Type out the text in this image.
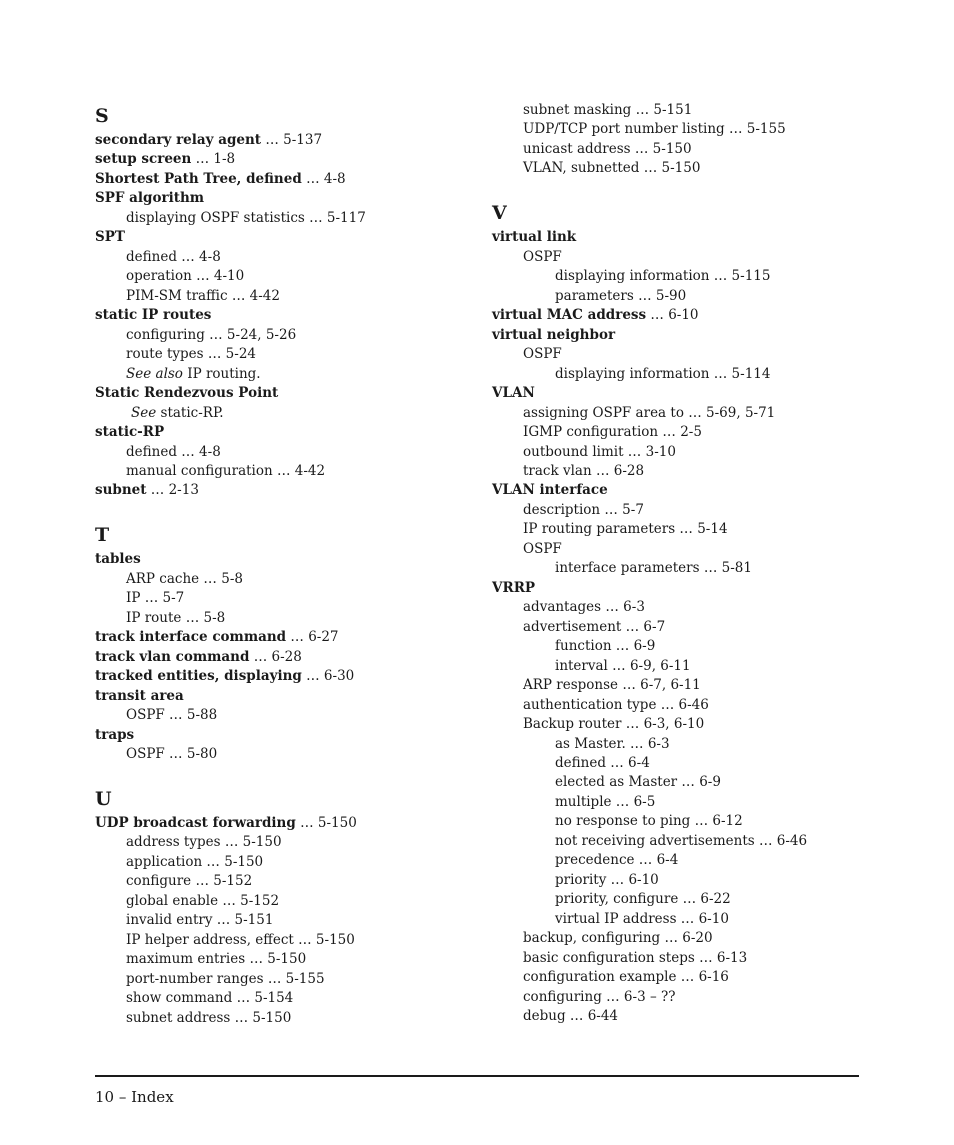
S
secondary relay agent … 5-137
setup screen … 1-8
Shortest Path Tree, defined … 4-8
SPF algorithm
displaying OSPF statistics … 5-117
SPT
defined … 4-8
operation … 4-10
PIM-SM traffic … 4-42
static IP routes
configuring … 5-24, 5-26
route types … 5-24
See also IP routing.
Static Rendezvous Point
See static-RP.
static-RP
defined … 4-8
manual configuration … 4-42
subnet … 2-13
T
tables
ARP cache … 5-8
IP … 5-7
IP route … 5-8
track interface command … 6-27
track vlan command … 6-28
tracked entities, displaying … 6-30
transit area
OSPF … 5-88
traps
OSPF … 5-80
U
UDP broadcast forwarding … 5-150
address types … 5-150
application … 5-150
configure … 5-152
global enable … 5-152
invalid entry … 5-151
IP helper address, effect … 5-150
maximum entries … 5-150
port-number ranges … 5-155
show command … 5-154
subnet address … 5-150
subnet masking … 5-151
UDP/TCP port number listing … 5-155
unicast address … 5-150
VLAN, subnetted … 5-150
V
virtual link
OSPF
displaying information … 5-115
parameters … 5-90
virtual MAC address … 6-10
virtual neighbor
OSPF
displaying information … 5-114
VLAN
assigning OSPF area to … 5-69, 5-71
IGMP configuration … 2-5
outbound limit … 3-10
track vlan … 6-28
VLAN interface
description … 5-7
IP routing parameters … 5-14
OSPF
interface parameters … 5-81
VRRP
advantages … 6-3
advertisement … 6-7
function … 6-9
interval … 6-9, 6-11
ARP response … 6-7, 6-11
authentication type … 6-46
Backup router … 6-3, 6-10
as Master. … 6-3
defined … 6-4
elected as Master … 6-9
multiple … 6-5
no response to ping … 6-12
not receiving advertisements … 6-46
precedence … 6-4
priority … 6-10
priority, configure … 6-22
virtual IP address … 6-10
backup, configuring … 6-20
basic configuration steps … 6-13
configuration example … 6-16
configuring … 6-3 – ??
debug … 6-44
10 – Index
